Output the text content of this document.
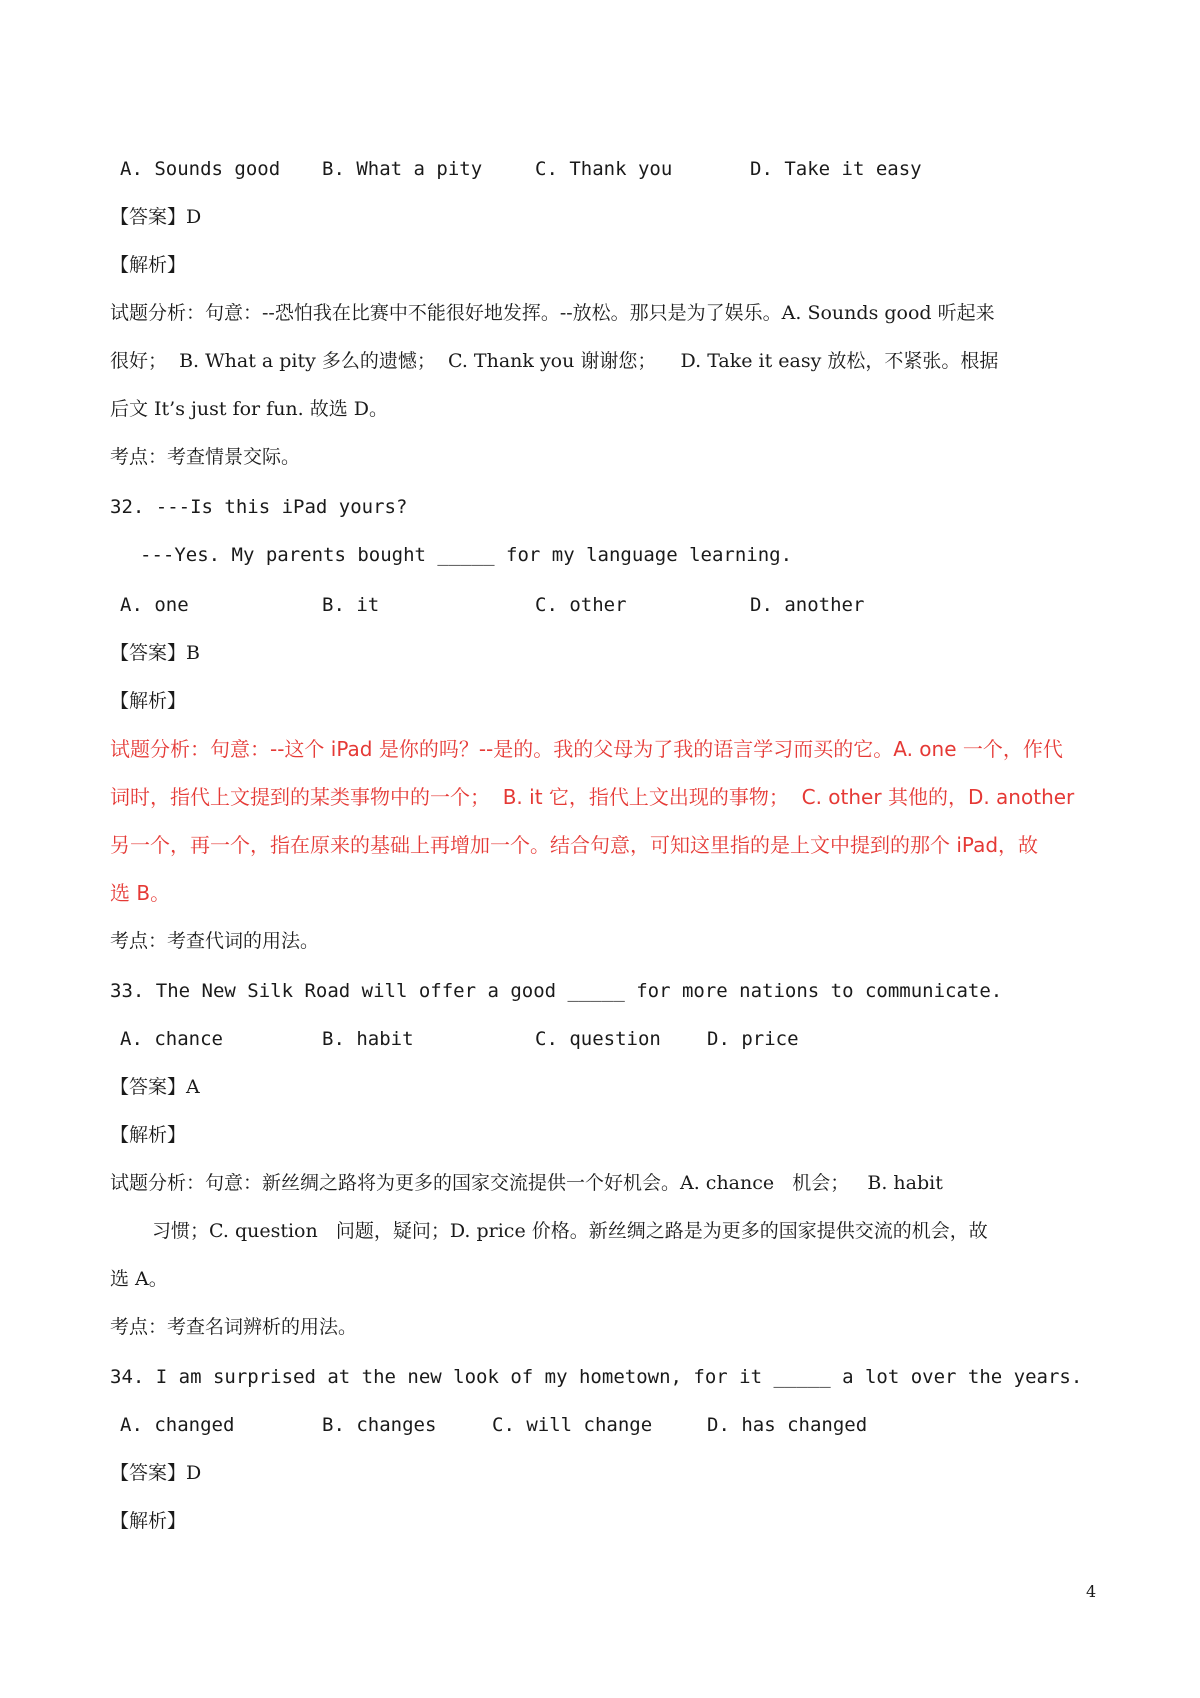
A. Sounds good B. What a pity	C. Thank you	D. Take it easy
【答案】D
【解析】
试题分析：句意：--恐怕我在比赛中不能很好地发挥。--放松。那只是为了娱乐。A. Sounds good 听起来
很好；  B. What a pity 多么的遗憾；  C. Thank you 谢谢您；    D. Take it easy 放松，不紧张。根据
后文 It’s just for fun. 故选 D。
考点：考查情景交际。
32. ---Is this iPad yours?
---Yes. My parents bought _____ for my language learning.
A. one	B. it	C. other	D. another
【答案】B
【解析】
试题分析：句意：--这个 iPad 是你的吗？--是的。我的父母为了我的语言学习而买的它。A. one 一个，作代
词时，指代上文提到的某类事物中的一个；  B. it 它，指代上文出现的事物；  C. other 其他的，D. another
另一个，再一个，指在原来的基础上再增加一个。结合句意，可知这里指的是上文中提到的那个 iPad，故
选 B。
考点：考查代词的用法。
33. The New Silk Road will offer a good _____ for more nations to communicate.
A. chance	B. habit	C. question D. price
【答案】A
【解析】
试题分析：句意：新丝绸之路将为更多的国家交流提供一个好机会。A. chance   机会；   B. habit
习惯；C. question   问题，疑问；D. price 价格。新丝绸之路是为更多的国家提供交流的机会，故
选 A。
考点：考查名词辨析的用法。
34. I am surprised at the new look of my hometown, for it _____ a lot over the years.
A. changed	B. changes	C. will change	D. has changed
【答案】D
【解析】
4
